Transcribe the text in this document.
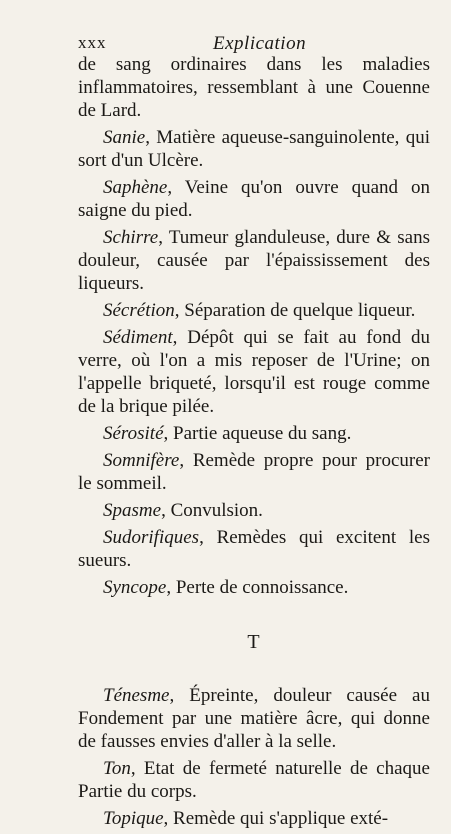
xxx	Explication

de sang ordinaires dans les maladies inflammatoires, ressemblant à une Couenne de Lard.

Sanie, Matière aqueuse-sanguinolente, qui sort d'un Ulcère.

Saphène, Veine qu'on ouvre quand on saigne du pied.

Schirre, Tumeur glanduleuse, dure & sans douleur, causée par l'épaississement des liqueurs.

Sécrétion, Séparation de quelque liqueur.

Sédiment, Dépôt qui se fait au fond du verre, où l'on a mis reposer de l'Urine; on l'appelle briqueté, lorsqu'il est rouge comme de la brique pilée.

Sérosité, Partie aqueuse du sang.

Somnifère, Remède propre pour procurer le sommeil.

Spasme, Convulsion.

Sudorifiques, Remèdes qui excitent les sueurs.

Syncope, Perte de connoissance.

T

Ténesme, Épreinte, douleur causée au Fondement par une matière âcre, qui donne de fausses envies d'aller à la selle.

Ton, Etat de fermeté naturelle de chaque Partie du corps.

Topique, Remède qui s'applique exté-
